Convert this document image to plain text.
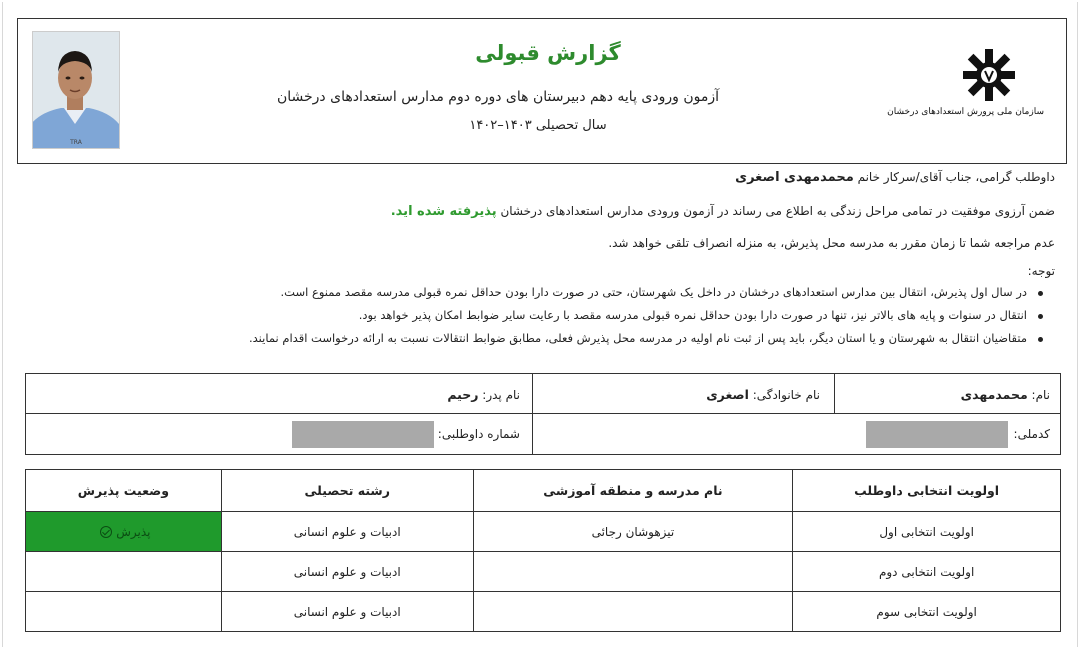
سازمان ملی پرورش استعدادهای درخشان
گزارش قبولی
آزمون ورودی پایه دهم دبیرستان های دوره دوم مدارس استعدادهای درخشان
سال تحصیلی ۱۴۰۳–۱۴۰۲
TRA
داوطلب گرامی، جناب آقای/سرکار خانم محمدمهدی اصغری
ضمن آرزوی موفقیت در تمامی مراحل زندگی به اطلاع می رساند در آزمون ورودی مدارس استعدادهای درخشان پذیرفته شده اید.
عدم مراجعه شما تا زمان مقرر به مدرسه محل پذیرش، به منزله انصراف تلقی خواهد شد.
توجه:
در سال اول پذیرش، انتقال بین مدارس استعدادهای درخشان در داخل یک شهرستان، حتی در صورت دارا بودن حداقل نمره قبولی مدرسه مقصد ممنوع است.
انتقال در سنوات و پایه های بالاتر نیز، تنها در صورت دارا بودن حداقل نمره قبولی مدرسه مقصد با رعایت سایر ضوابط امکان پذیر خواهد بود.
متقاضیان انتقال به شهرستان و یا استان دیگر، باید پس از ثبت نام اولیه در مدرسه محل پذیرش فعلی، مطابق ضوابط انتقالات نسبت به ارائه درخواست اقدام نمایند.
نام: محمدمهدی
نام خانوادگی: اصغری
نام پدر: رحیم
کدملی:
شماره داوطلبی:
اولویت انتخابی داوطلب	نام مدرسه و منطقه آموزشی	رشته تحصیلی	وضعیت پذیرش
اولویت انتخابی اول	تیزهوشان رجائی	ادبیات و علوم انسانی	پذیرش
اولویت انتخابی دوم		ادبیات و علوم انسانی	
اولویت انتخابی سوم		ادبیات و علوم انسانی	
